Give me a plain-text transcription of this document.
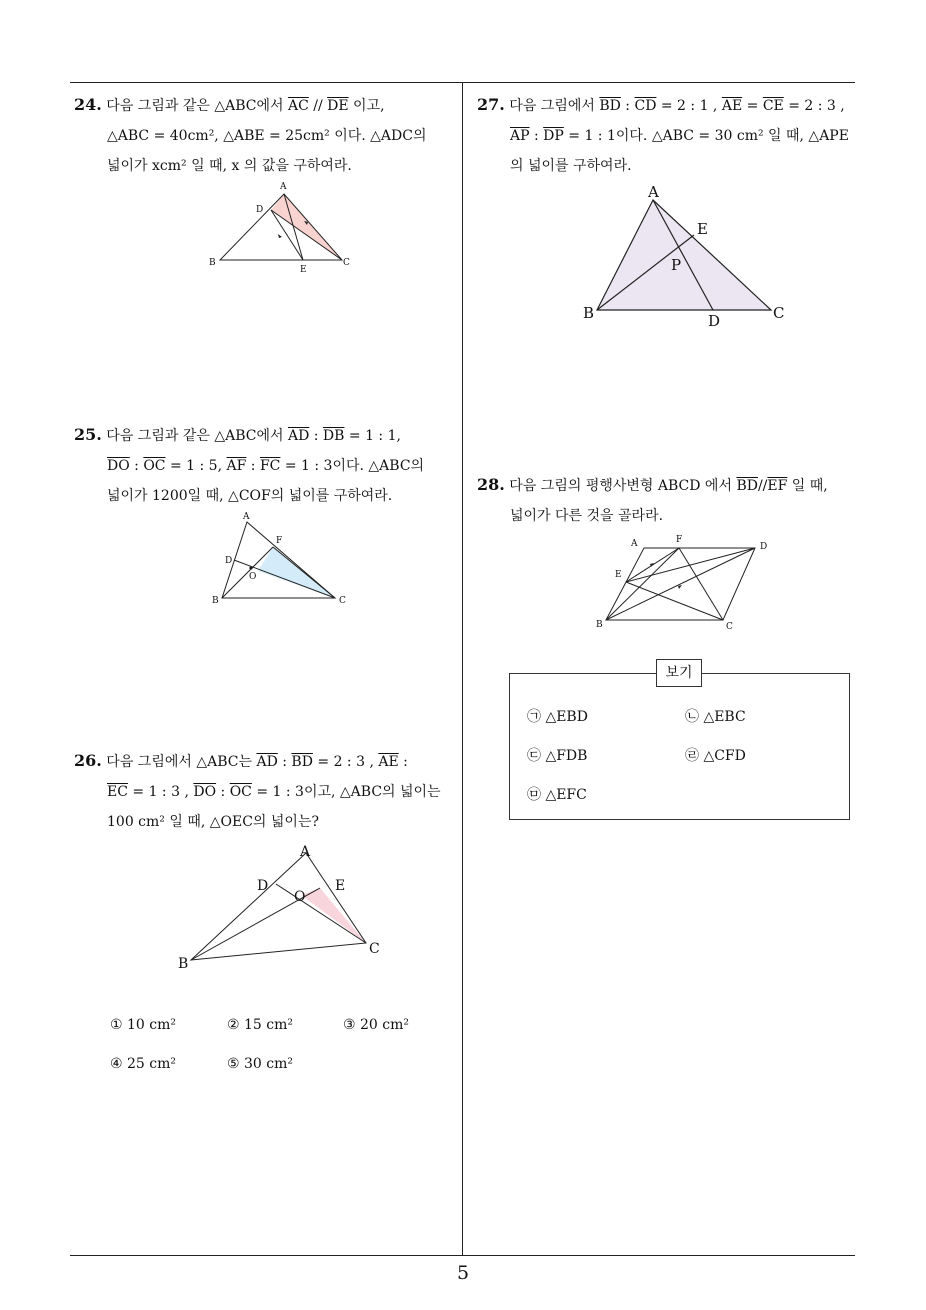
24. 다음 그림과 같은 △ABC에서 $\overline{AC} // \overline{DE}$ 이고,
△ABC = 40cm², △ABE = 25cm² 이다. △ADC의
넓이가 xcm² 일 때, x 의 값을 구하여라.
A
D
B
E
C
25. 다음 그림과 같은 △ABC에서 $\overline{AD}$ : $\overline{DB} = 1$ : 1,
$\overline{DO}$ : $\overline{OC} = 1$ : 5, $\overline{AF}$ : $\overline{FC} = 1$ : 3이다. △ABC의
넓이가 1200일 때, △COF의 넓이를 구하여라.
A
F
D
O
B	C
26. 다음 그림에서 △ABC는 $\overline{AD}$ : $\overline{BD} = 2$ : 3 , $\overline{AE}$ :
$\overline{EC} = 1$ : 3 , $\overline{DO}$ : $\overline{OC} = 1$ : 3이고, △ABC의 넓이는
100 cm² 일 때, △OEC의 넓이는?
A
D	E
O
B
C
① 10 cm²	② 15 cm²	③ 20 cm²
④ 25 cm²	⑤ 30 cm²
27. 다음 그림에서 $\overline{BD}$ : $\overline{CD} = 2$ : 1 , $\overline{AE} = \overline{CE} = 2$ : 3 ,
$\overline{AP}$ : $\overline{DP} = 1$ : 1이다. △ABC = 30 cm² 일 때, △APE
의 넓이를 구하여라.
A
E
P
B	D	C
28. 다음 그림의 평행사변형 ABCD 에서 $\overline{BD}//\overline{EF}$ 일 때,
넓이가 다른 것을 골라라.
A	F
D
E
B	C
보기
㉠ △EBD	㉡ △EBC
㉢ △FDB	㉣ △CFD
㉤ △EFC
5
